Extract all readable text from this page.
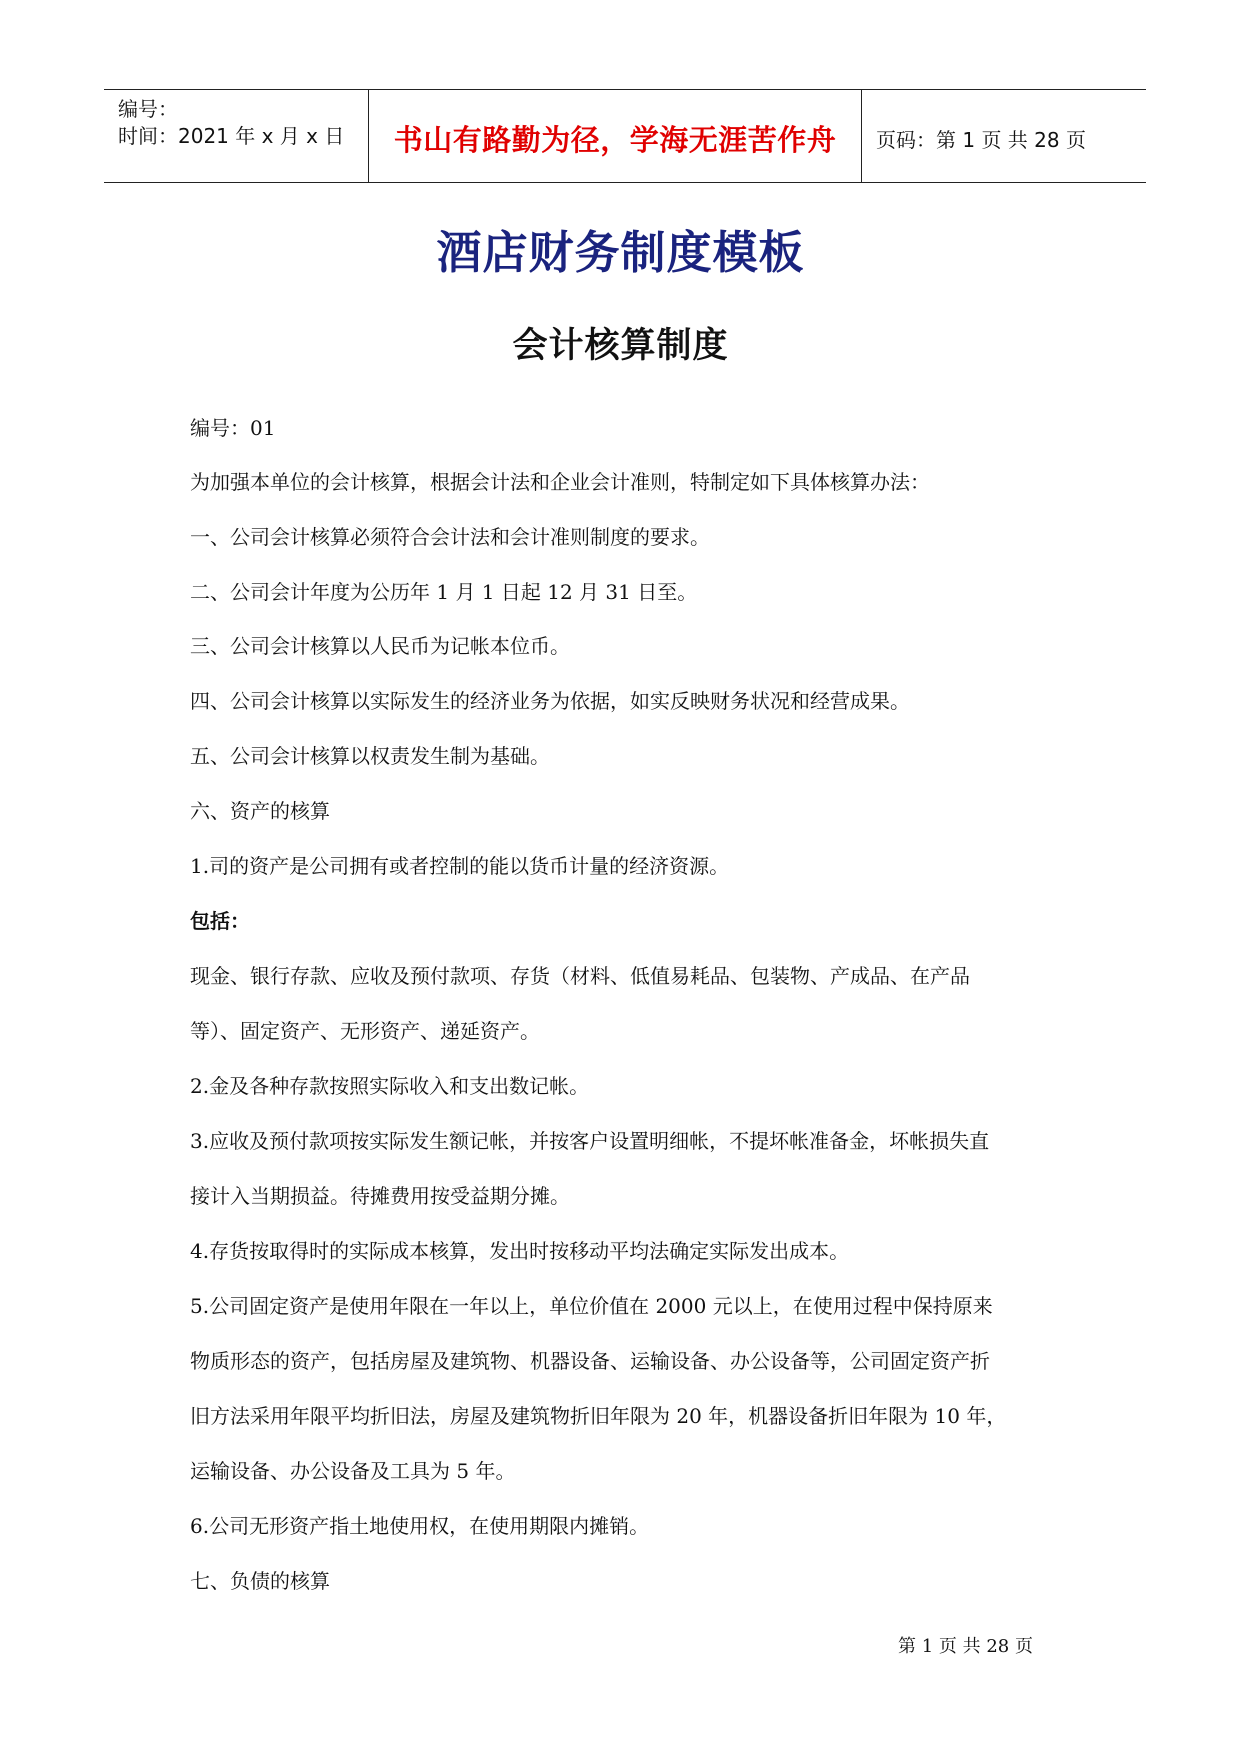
编号：
时间：2021 年 x 月 x 日	书山有路勤为径，学海无涯苦作舟	页码：第 1 页 共 28 页
酒店财务制度模板
会计核算制度
编号：01
为加强本单位的会计核算，根据会计法和企业会计准则，特制定如下具体核算办法：
一、公司会计核算必须符合会计法和会计准则制度的要求。
二、公司会计年度为公历年 1 月 1 日起 12 月 31 日至。
三、公司会计核算以人民币为记帐本位币。
四、公司会计核算以实际发生的经济业务为依据，如实反映财务状况和经营成果。
五、公司会计核算以权责发生制为基础。
六、资产的核算
1.司的资产是公司拥有或者控制的能以货币计量的经济资源。
包括：
现金、银行存款、应收及预付款项、存货（材料、低值易耗品、包装物、产成品、在产品
等）、固定资产、无形资产、递延资产。
2.金及各种存款按照实际收入和支出数记帐。
3.应收及预付款项按实际发生额记帐，并按客户设置明细帐，不提坏帐准备金，坏帐损失直
接计入当期损益。待摊费用按受益期分摊。
4.存货按取得时的实际成本核算，发出时按移动平均法确定实际发出成本。
5.公司固定资产是使用年限在一年以上，单位价值在 2000 元以上，在使用过程中保持原来
物质形态的资产，包括房屋及建筑物、机器设备、运输设备、办公设备等，公司固定资产折
旧方法采用年限平均折旧法，房屋及建筑物折旧年限为 20 年，机器设备折旧年限为 10 年，
运输设备、办公设备及工具为 5 年。
6.公司无形资产指土地使用权，在使用期限内摊销。
七、负债的核算
第 1 页 共 28 页
